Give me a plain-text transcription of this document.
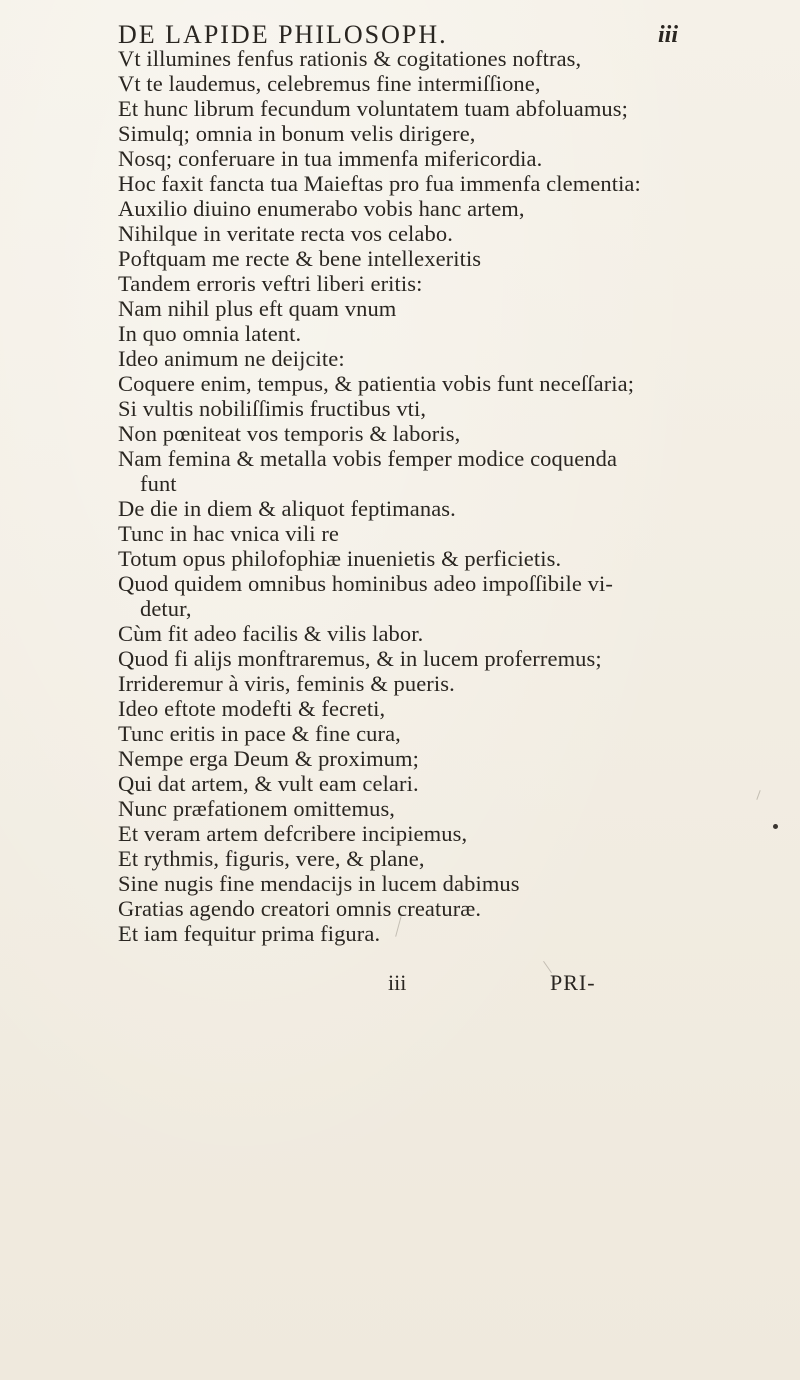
DE LAPIDE PHILOSOPH.	iii
Vt illumines fenfus rationis & cogitationes noftras,
Vt te laudemus, celebremus fine intermiſſione,
Et hunc librum fecundum voluntatem tuam abfoluamus;
Simulq; omnia in bonum velis dirigere,
Nosq; conferuare in tua immenfa mifericordia.
Hoc faxit fancta tua Maieftas pro fua immenfa clementia:
Auxilio diuino enumerabo vobis hanc artem,
Nihilque in veritate recta vos celabo.
Poftquam me recte & bene intellexeritis
Tandem erroris veftri liberi eritis:
Nam nihil plus eft quam vnum
In quo omnia latent.
Ideo animum ne deijcite:
Coquere enim, tempus, & patientia vobis funt neceſſaria;
Si vultis nobiliſſimis fructibus vti,
Non pœniteat vos temporis & laboris,
Nam femina & metalla vobis femper modice coquenda
funt
De die in diem & aliquot feptimanas.
Tunc in hac vnica vili re
Totum opus philofophiæ inuenietis & perficietis.
Quod quidem omnibus hominibus adeo impoſſibile vi-
detur,
Cùm fit adeo facilis & vilis labor.
Quod fi alijs monftraremus, & in lucem proferremus;
Irrideremur à viris, feminis & pueris.
Ideo eftote modefti & fecreti,
Tunc eritis in pace & fine cura,
Nempe erga Deum & proximum;
Qui dat artem, & vult eam celari.
Nunc præfationem omittemus,
Et veram artem defcribere incipiemus,
Et rythmis, figuris, vere, & plane,
Sine nugis fine mendacijs in lucem dabimus
Gratias agendo creatori omnis creaturæ.
Et iam fequitur prima figura.
iii	PRI-
